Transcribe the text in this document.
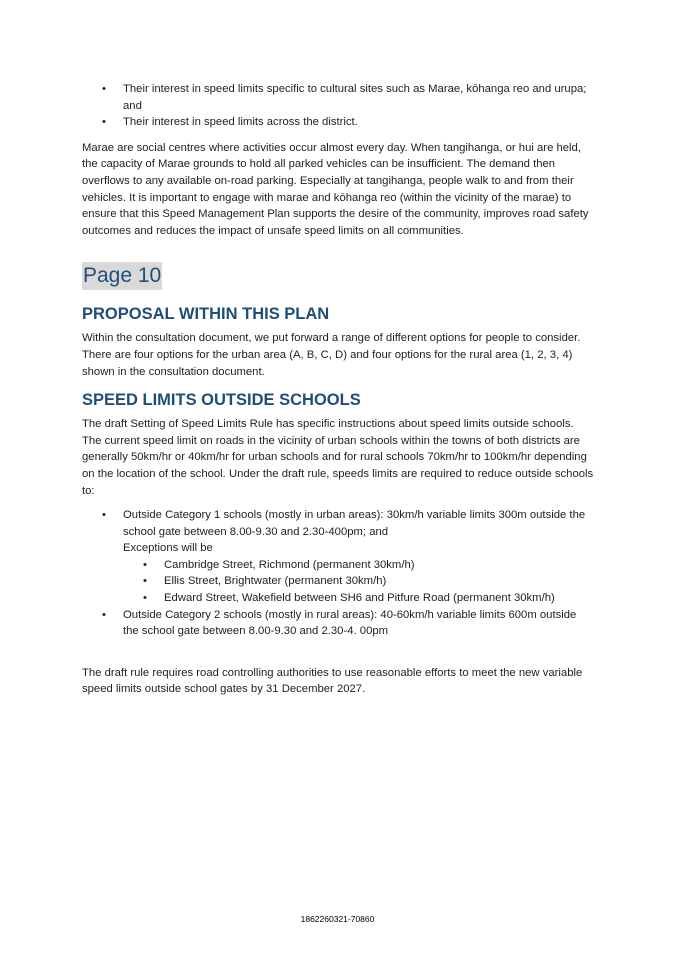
• Their interest in speed limits specific to cultural sites such as Marae, kōhanga reo and urupa; and
• Their interest in speed limits across the district.

Marae are social centres where activities occur almost every day. When tangihanga, or hui are held, the capacity of Marae grounds to hold all parked vehicles can be insufficient. The demand then overflows to any available on-road parking. Especially at tangihanga, people walk to and from their vehicles. It is important to engage with marae and kōhanga reo (within the vicinity of the marae) to ensure that this Speed Management Plan supports the desire of the community, improves road safety outcomes and reduces the impact of unsafe speed limits on all communities.

Page 10
PROPOSAL WITHIN THIS PLAN

Within the consultation document, we put forward a range of different options for people to consider. There are four options for the urban area (A, B, C, D) and four options for the rural area (1, 2, 3, 4) shown in the consultation document.

SPEED LIMITS OUTSIDE SCHOOLS

The draft Setting of Speed Limits Rule has specific instructions about speed limits outside schools. The current speed limit on roads in the vicinity of urban schools within the towns of both districts are generally 50km/hr or 40km/hr for urban schools and for rural schools 70km/hr to 100km/hr depending on the location of the school. Under the draft rule, speeds limits are required to reduce outside schools to:

• Outside Category 1 schools (mostly in urban areas): 30km/h variable limits 300m outside the school gate between 8.00-9.30 and 2.30-400pm; and
Exceptions will be
• Cambridge Street, Richmond (permanent 30km/h)
• Ellis Street, Brightwater (permanent 30km/h)
• Edward Street, Wakefield between SH6 and Pitfure Road (permanent 30km/h)
• Outside Category 2 schools (mostly in rural areas): 40-60km/h variable limits 600m outside the school gate between 8.00-9.30 and 2.30-4. 00pm

The draft rule requires road controlling authorities to use reasonable efforts to meet the new variable speed limits outside school gates by 31 December 2027.

1862260321-70860
